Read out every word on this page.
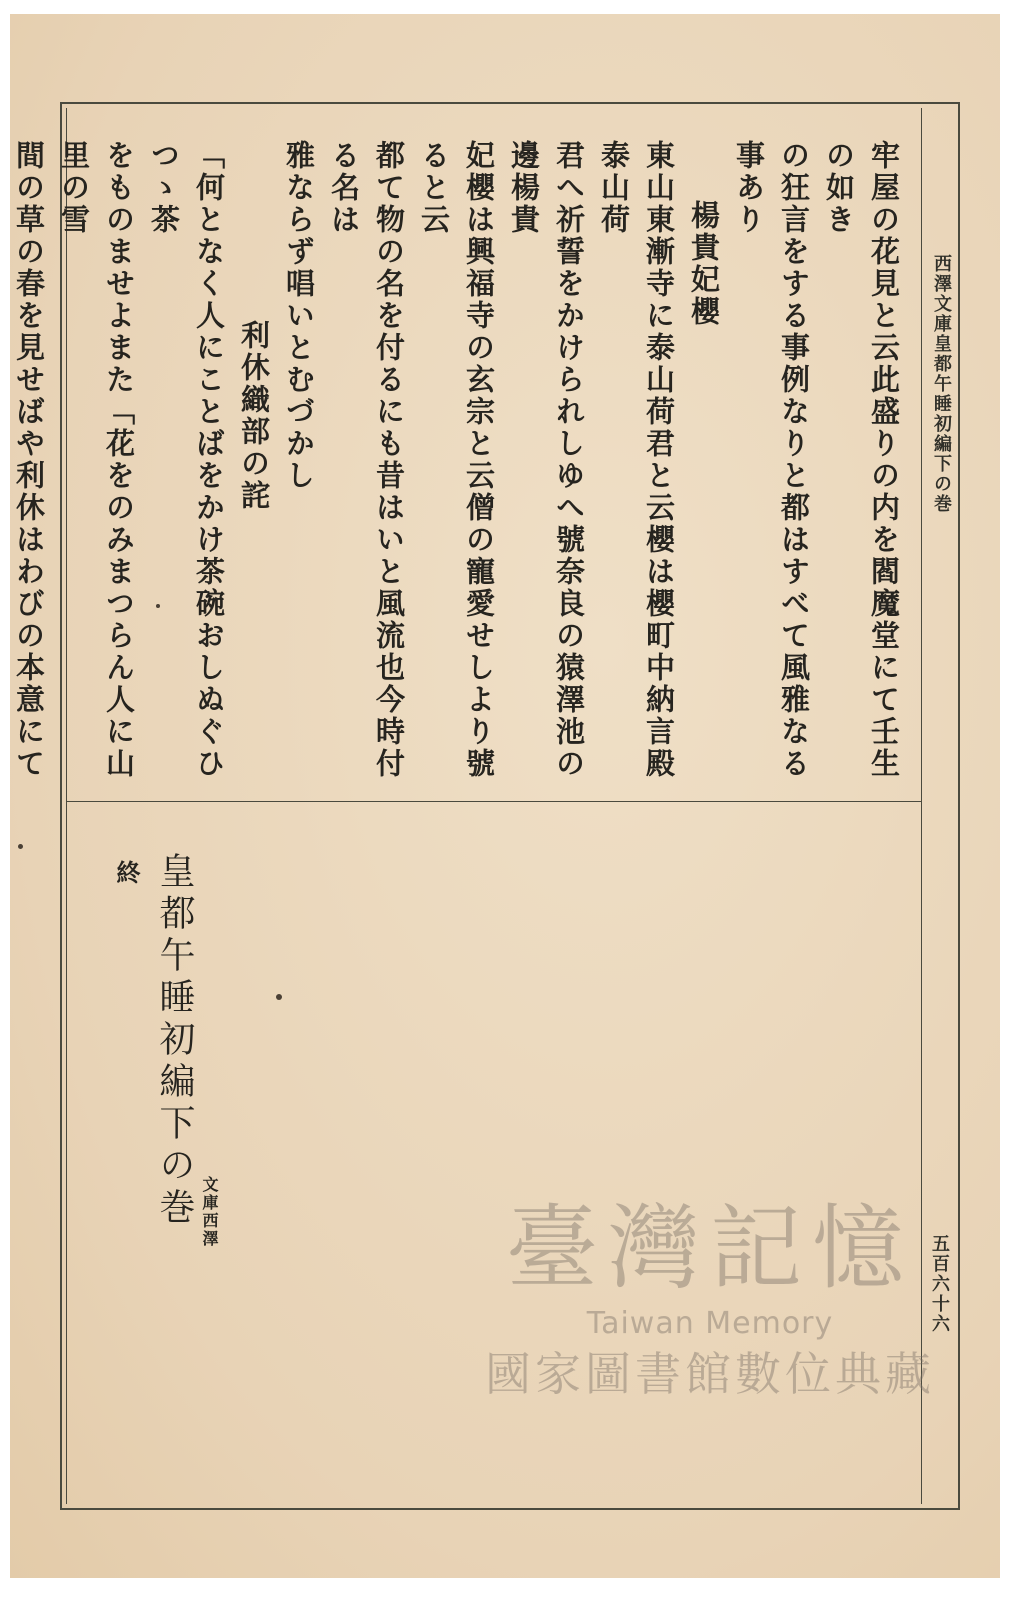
西澤文庫皇都午睡初編下の巻
五百六十六

牢屋の花見と云此盛りの内を閻魔堂にて壬生の如き

の狂言をする事例なりと都はすべて風雅なる事あり

楊貴妃櫻

東山東漸寺に泰山荷君と云櫻は櫻町中納言殿泰山荷

君へ祈誓をかけられしゆへ號奈良の猿澤池の邊楊貴

妃櫻は興福寺の玄宗と云僧の寵愛せしより號ると云

都て物の名を付るにも昔はいと風流也今時付る名は

雅ならず唱いとむづかし

利休織部の詫

「何となく人にことばをかけ茶碗おしぬぐひつゝ茶

をものませよまた「花をのみまつらん人に山里の雪

間の草の春を見せばや利休はわびの本意にて

西澤
文庫
皇都午睡初編下の巻終
臺灣記憶
Taiwan Memory
國家圖書館數位典藏
